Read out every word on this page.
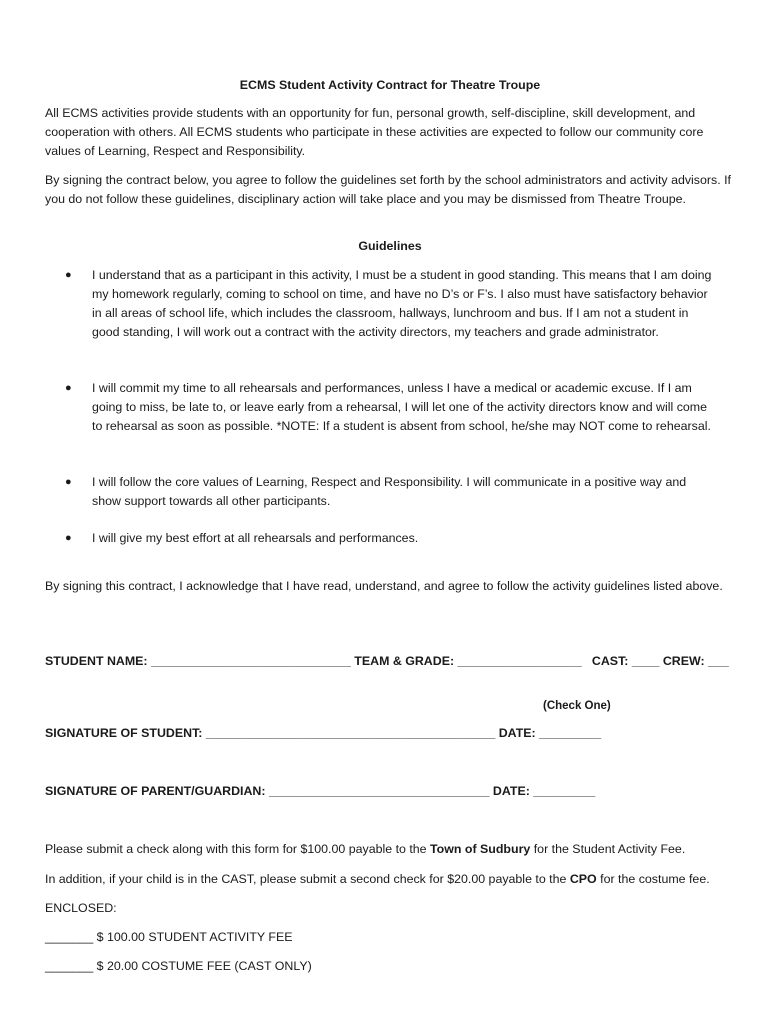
ECMS Student Activity Contract for Theatre Troupe

All ECMS activities provide students with an opportunity for fun, personal growth, self-discipline, skill development, and cooperation with others. All ECMS students who participate in these activities are expected to follow our community core values of Learning, Respect and Responsibility.

By signing the contract below, you agree to follow the guidelines set forth by the school administrators and activity advisors. If you do not follow these guidelines, disciplinary action will take place and you may be dismissed from Theatre Troupe.

Guidelines
● I understand that as a participant in this activity, I must be a student in good standing. This means that I am doing my homework regularly, coming to school on time, and have no D’s or F’s. I also must have satisfactory behavior in all areas of school life, which includes the classroom, hallways, lunchroom and bus. If I am not a student in good standing, I will work out a contract with the activity directors, my teachers and grade administrator.
● I will commit my time to all rehearsals and performances, unless I have a medical or academic excuse. If I am going to miss, be late to, or leave early from a rehearsal, I will let one of the activity directors know and will come to rehearsal as soon as possible. *NOTE: If a student is absent from school, he/she may NOT come to rehearsal.
● I will follow the core values of Learning, Respect and Responsibility. I will communicate in a positive way and show support towards all other participants.
● I will give my best effort at all rehearsals and performances.

By signing this contract, I acknowledge that I have read, understand, and agree to follow the activity guidelines listed above.

STUDENT NAME: _____________________________ TEAM & GRADE: __________________   CAST: ____ CREW: ___
(Check One)
SIGNATURE OF STUDENT: __________________________________________ DATE: _________
SIGNATURE OF PARENT/GUARDIAN: ________________________________ DATE: _________
Please submit a check along with this form for $100.00 payable to the Town of Sudbury for the Student Activity Fee.
In addition, if your child is in the CAST, please submit a second check for $20.00 payable to the CPO for the costume fee.
ENCLOSED:
_______ $ 100.00 STUDENT ACTIVITY FEE
_______ $ 20.00 COSTUME FEE (CAST ONLY)
